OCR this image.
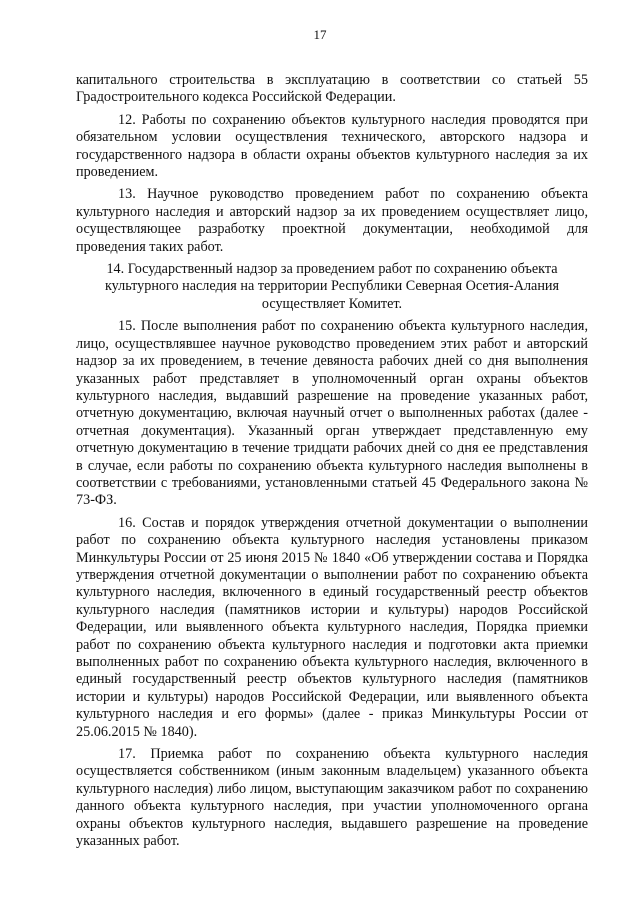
17

капитального строительства в эксплуатацию в соответствии со статьей 55 Градостроительного кодекса Российской Федерации.

12. Работы по сохранению объектов культурного наследия проводятся при обязательном условии осуществления технического, авторского надзора и государственного надзора в области охраны объектов культурного наследия за их проведением.

13. Научное руководство проведением работ по сохранению объекта культурного наследия и авторский надзор за их проведением осуществляет лицо, осуществляющее разработку проектной документации, необходимой для проведения таких работ.

14. Государственный надзор за проведением работ по сохранению объекта культурного наследия на территории Республики Северная Осетия-Алания осуществляет Комитет.

15. После выполнения работ по сохранению объекта культурного наследия, лицо, осуществлявшее научное руководство проведением этих работ и авторский надзор за их проведением, в течение девяноста рабочих дней со дня выполнения указанных работ представляет в уполномоченный орган охраны объектов культурного наследия, выдавший разрешение на проведение указанных работ, отчетную документацию, включая научный отчет о выполненных работах (далее - отчетная документация). Указанный орган утверждает представленную ему отчетную документацию в течение тридцати рабочих дней со дня ее представления в случае, если работы по сохранению объекта культурного наследия выполнены в соответствии с требованиями, установленными статьей 45 Федерального закона № 73-ФЗ.

16. Состав и порядок утверждения отчетной документации о выполнении работ по сохранению объекта культурного наследия установлены приказом Минкультуры России от 25 июня 2015 № 1840 «Об утверждении состава и Порядка утверждения отчетной документации о выполнении работ по сохранению объекта культурного наследия, включенного в единый государственный реестр объектов культурного наследия (памятников истории и культуры) народов Российской Федерации, или выявленного объекта культурного наследия, Порядка приемки работ по сохранению объекта культурного наследия и подготовки акта приемки выполненных работ по сохранению объекта культурного наследия, включенного в единый государственный реестр объектов культурного наследия (памятников истории и культуры) народов Российской Федерации, или выявленного объекта культурного наследия и его формы» (далее - приказ Минкультуры России от 25.06.2015 № 1840).

17. Приемка работ по сохранению объекта культурного наследия осуществляется собственником (иным законным владельцем) указанного объекта культурного наследия) либо лицом, выступающим заказчиком работ по сохранению данного объекта культурного наследия, при участии уполномоченного органа охраны объектов культурного наследия, выдавшего разрешение на проведение указанных работ.
